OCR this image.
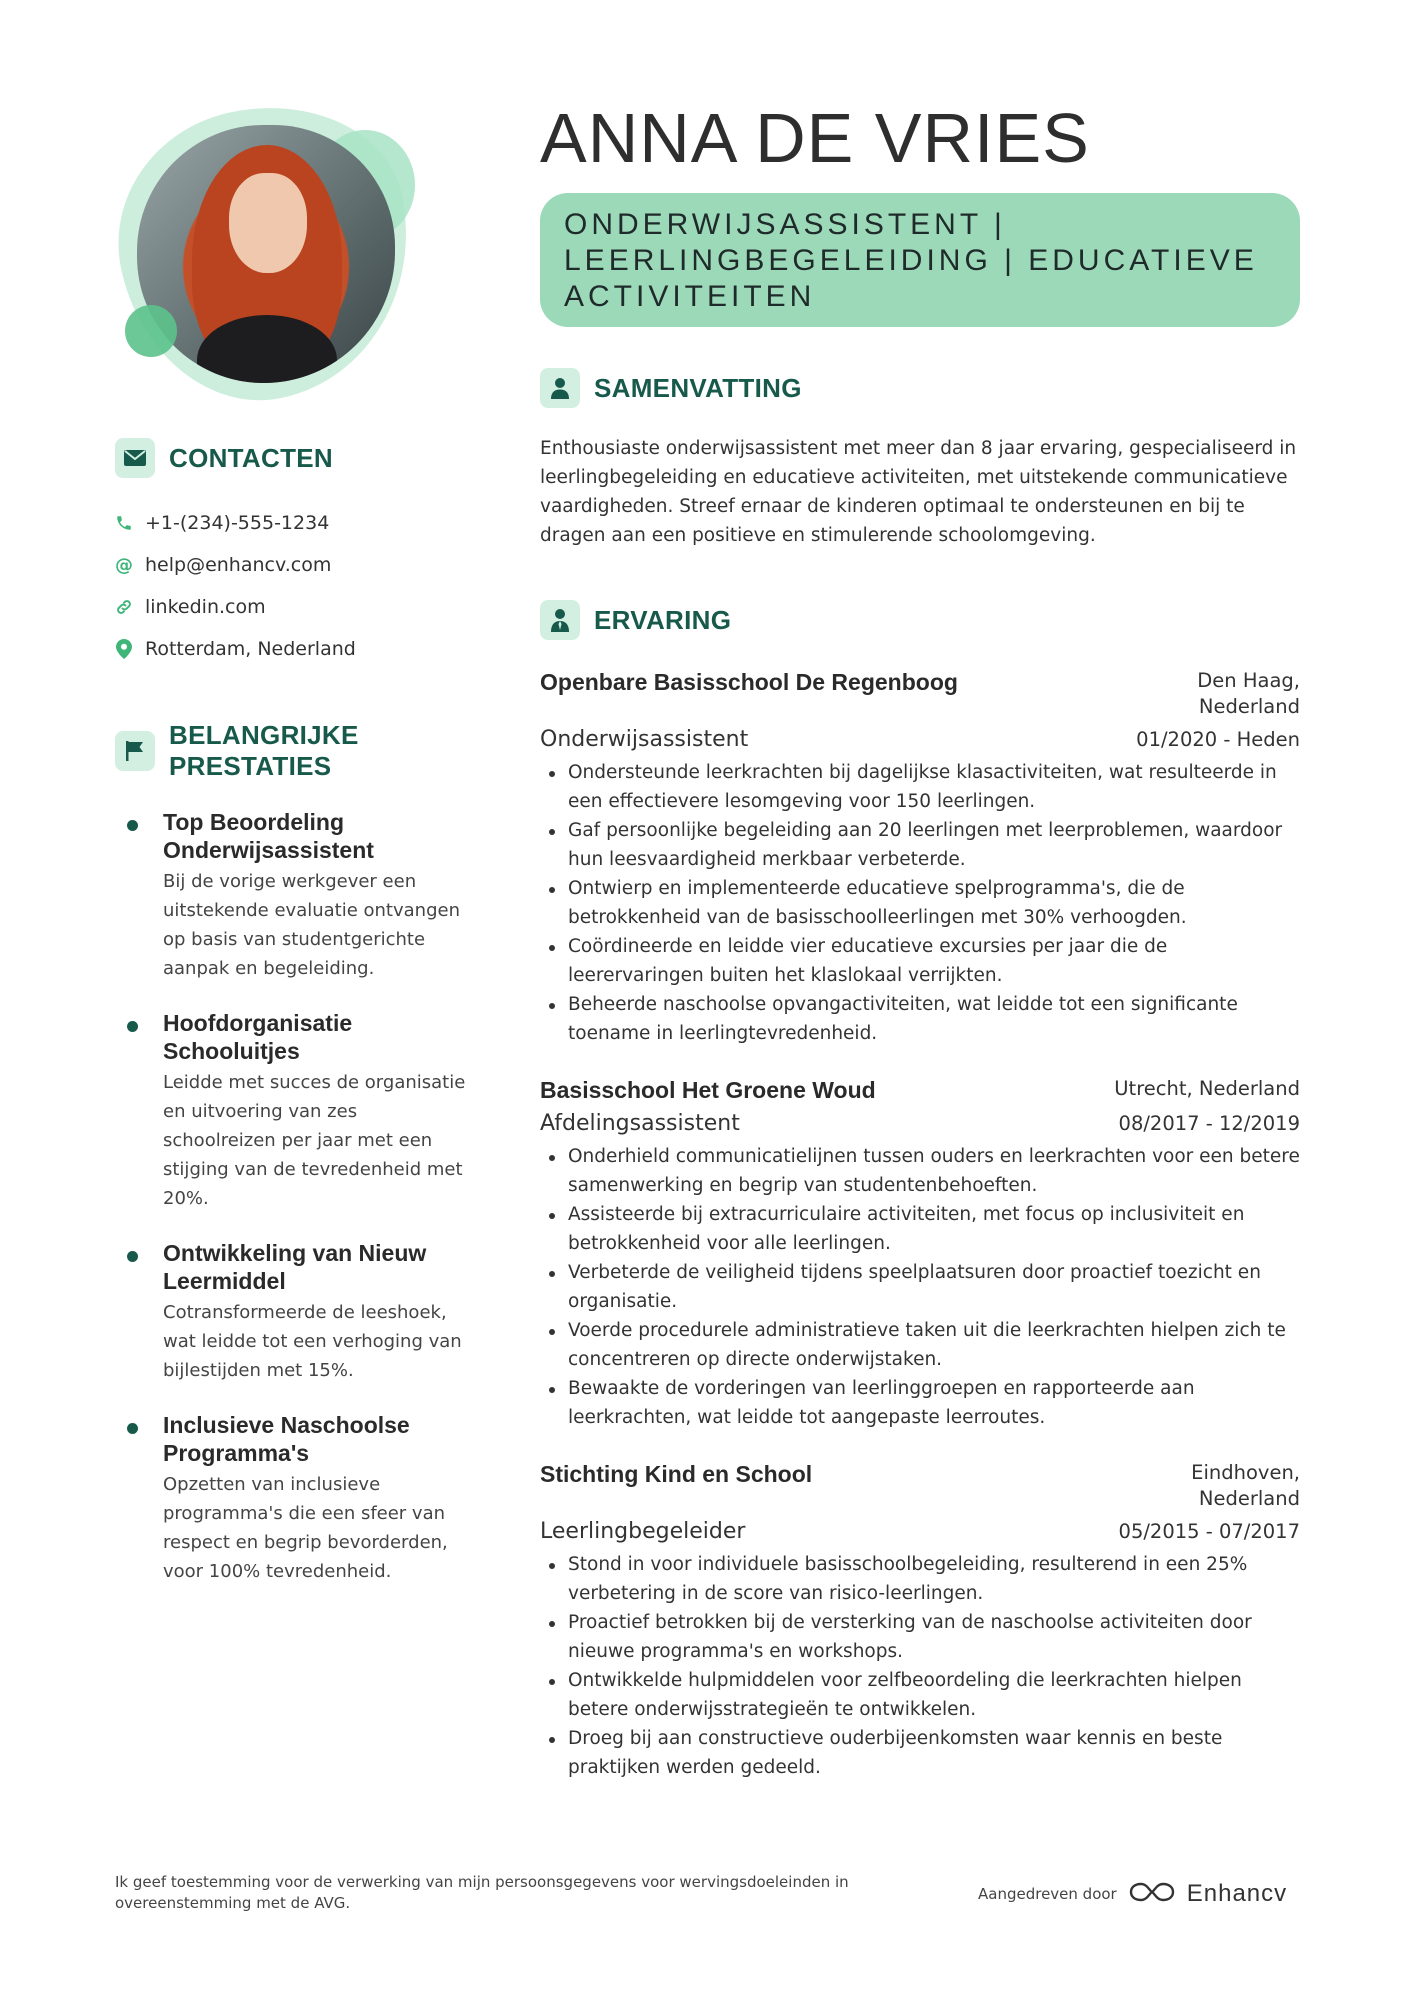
CONTACTEN
+1-(234)-555-1234
@ help@enhancv.com
linkedin.com
Rotterdam, Nederland
BELANGRIJKE
PRESTATIES
Top Beoordeling Onderwijsassistent
Bij de vorige werkgever een uitstekende evaluatie ontvangen op basis van studentgerichte aanpak en begeleiding.
Hoofdorganisatie Schooluitjes
Leidde met succes de organisatie en uitvoering van zes schoolreizen per jaar met een stijging van de tevredenheid met 20%.
Ontwikkeling van Nieuw Leermiddel
Cotransformeerde de leeshoek, wat leidde tot een verhoging van bijlestijden met 15%.
Inclusieve Naschoolse Programma's
Opzetten van inclusieve programma's die een sfeer van respect en begrip bevorderden, voor 100% tevredenheid.
ANNA DE VRIES
ONDERWIJSASSISTENT | LEERLINGBEGELEIDING | EDUCATIEVE ACTIVITEITEN
SAMENVATTING

Enthousiaste onderwijsassistent met meer dan 8 jaar ervaring, gespecialiseerd in leerlingbegeleiding en educatieve activiteiten, met uitstekende communicatieve vaardigheden. Streef ernaar de kinderen optimaal te ondersteunen en bij te dragen aan een positieve en stimulerende schoolomgeving.

ERVARING
Openbare Basisschool De Regenboog	Den Haag, Nederland
Onderwijsassistent	01/2020 - Heden
Ondersteunde leerkrachten bij dagelijkse klasactiviteiten, wat resulteerde in een effectievere lesomgeving voor 150 leerlingen.
Gaf persoonlijke begeleiding aan 20 leerlingen met leerproblemen, waardoor hun leesvaardigheid merkbaar verbeterde.
Ontwierp en implementeerde educatieve spelprogramma's, die de betrokkenheid van de basisschoolleerlingen met 30% verhoogden.
Coördineerde en leidde vier educatieve excursies per jaar die de leerervaringen buiten het klaslokaal verrijkten.
Beheerde naschoolse opvangactiviteiten, wat leidde tot een significante toename in leerlingtevredenheid.
Basisschool Het Groene Woud	Utrecht, Nederland
Afdelingsassistent	08/2017 - 12/2019
Onderhield communicatielijnen tussen ouders en leerkrachten voor een betere samenwerking en begrip van studentenbehoeften.
Assisteerde bij extracurriculaire activiteiten, met focus op inclusiviteit en betrokkenheid voor alle leerlingen.
Verbeterde de veiligheid tijdens speelplaatsuren door proactief toezicht en organisatie.
Voerde procedurele administratieve taken uit die leerkrachten hielpen zich te concentreren op directe onderwijstaken.
Bewaakte de vorderingen van leerlinggroepen en rapporteerde aan leerkrachten, wat leidde tot aangepaste leerroutes.
Stichting Kind en School	Eindhoven, Nederland
Leerlingbegeleider	05/2015 - 07/2017
Stond in voor individuele basisschoolbegeleiding, resulterend in een 25% verbetering in de score van risico-leerlingen.
Proactief betrokken bij de versterking van de naschoolse activiteiten door nieuwe programma's en workshops.
Ontwikkelde hulpmiddelen voor zelfbeoordeling die leerkrachten hielpen betere onderwijsstrategieën te ontwikkelen.
Droeg bij aan constructieve ouderbijeenkomsten waar kennis en beste praktijken werden gedeeld.
Ik geef toestemming voor de verwerking van mijn persoonsgegevens voor wervingsdoeleinden in overeenstemming met de AVG.	Aangedreven door	Enhancv
